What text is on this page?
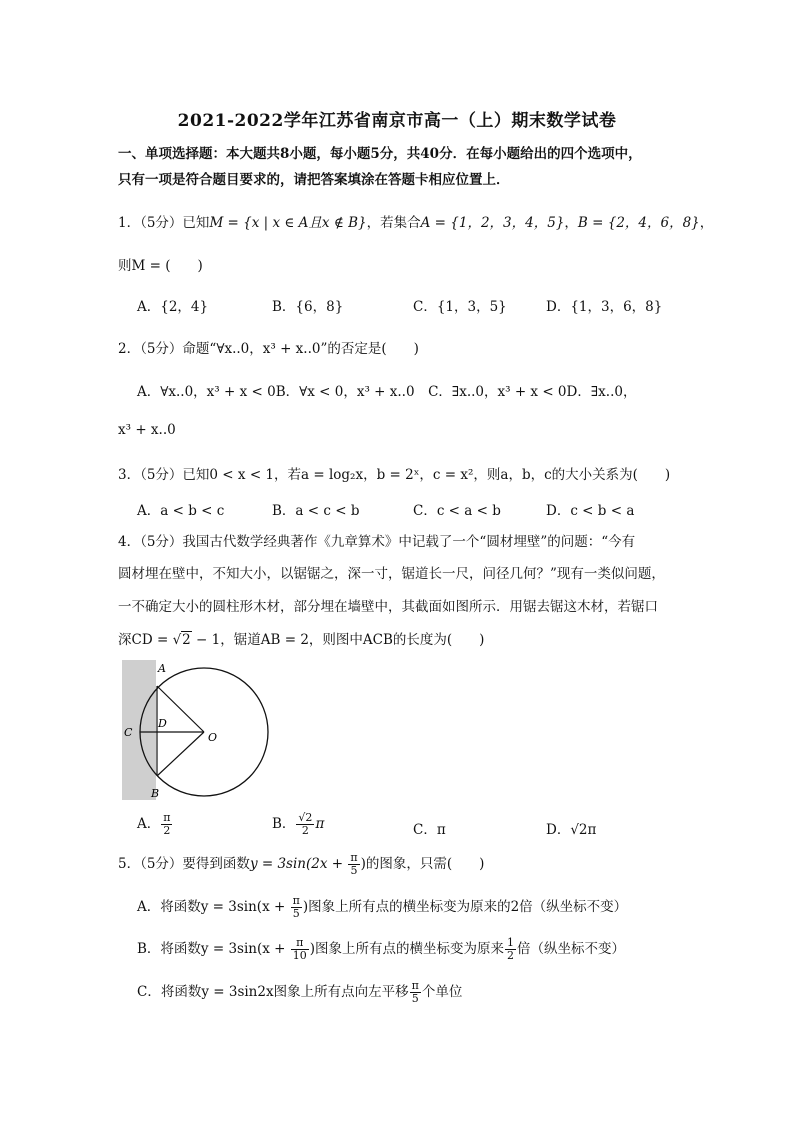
2021-2022学年江苏省南京市高一（上）期末数学试卷
一、单项选择题：本大题共8小题，每小题5分，共40分．在每小题给出的四个选项中，
只有一项是符合题目要求的，请把答案填涂在答题卡相应位置上．
1．（5分）已知M = {x | x ∈ A且x ∉ B}，若集合A = {1，2，3，4，5}，B = {2，4，6，8}，
则M = (　　)
A．{2，4}	B．{6，8}	C．{1，3，5}	D．{1，3，6，8}
2．（5分）命题“∀x..0，x³ + x..0”的否定是(　　)
A．∀x..0，x³ + x < 0B．∀x < 0，x³ + x..0　C．∃x..0，x³ + x < 0D．∃x..0，
x³ + x..0
3．（5分）已知0 < x < 1，若a = log₂x，b = 2ˣ，c = x²，则a，b，c的大小关系为(　　)
A．a < b < c	B．a < c < b	C．c < a < b	D．c < b < a
4．（5分）我国古代数学经典著作《九章算术》中记载了一个“圆材埋壁”的问题：“今有
圆材埋在壁中，不知大小，以锯锯之，深一寸，锯道长一尺，问径几何？”现有一类似问题，
一不确定大小的圆柱形木材，部分埋在墙壁中，其截面如图所示．用锯去锯这木材，若锯口
深CD = √2 − 1，锯道AB = 2，则图中ACB的长度为(　　)
A
B
C
D
O
A． $\frac{\pi}{2}$	B． $\frac{√2}{2}$ π	C．π	D．√2π
5．（5分）要得到函数$y = 3\sin(2x + \frac{\pi}{5}$ )的图象，只需(　　)
A．将函数$y = 3\sin(x + \frac{\pi}{5}$ )图象上所有点的横坐标变为原来的2倍（纵坐标不变）
B．将函数$y = 3\sin(x + \frac{\pi}{10}$ )图象上所有点的横坐标变为原来 $\frac{1}{2}$ 倍（纵坐标不变）
C．将函数y = 3sin2x图象上所有点向左平移 $\frac{\pi}{5}$ 个单位
